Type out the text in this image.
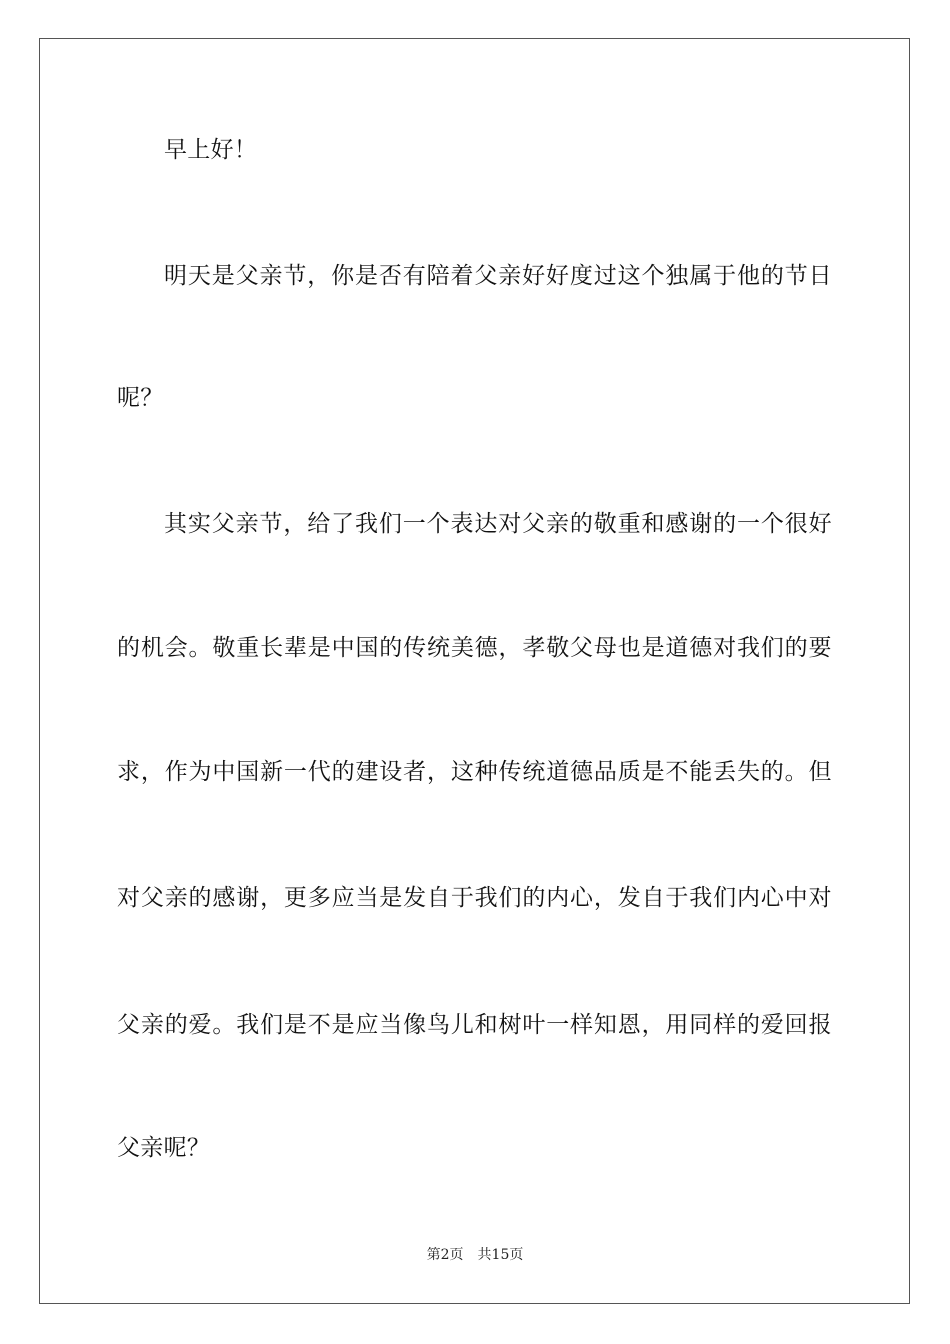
早上好！
明 天 是 父 亲 节 ， 你 是 否 有 陪 着 父 亲 好 好 度 过 这 个 独 属 于 他 的 节 日
呢？
其 实 父 亲 节 ， 给 了 我 们 一 个 表 达 对 父 亲 的 敬 重 和 感 谢 的 一 个 很 好
的 机 会 。 敬 重 长 辈 是 中 国 的 传 统 美 德 ， 孝 敬 父 母 也 是 道 德 对 我 们 的 要
求 ， 作 为 中 国 新 一 代 的 建 设 者 ， 这 种 传 统 道 德 品 质 是 不 能 丢 失 的 。 但
对 父 亲 的 感 谢 ， 更 多 应 当 是 发 自 于 我 们 的 内 心 ， 发 自 于 我 们 内 心 中 对
父 亲 的 爱 。 我 们 是 不 是 应 当 像 鸟 儿 和 树 叶 一 样 知 恩 ， 用 同 样 的 爱 回 报
父亲呢？
第2页 共15页
